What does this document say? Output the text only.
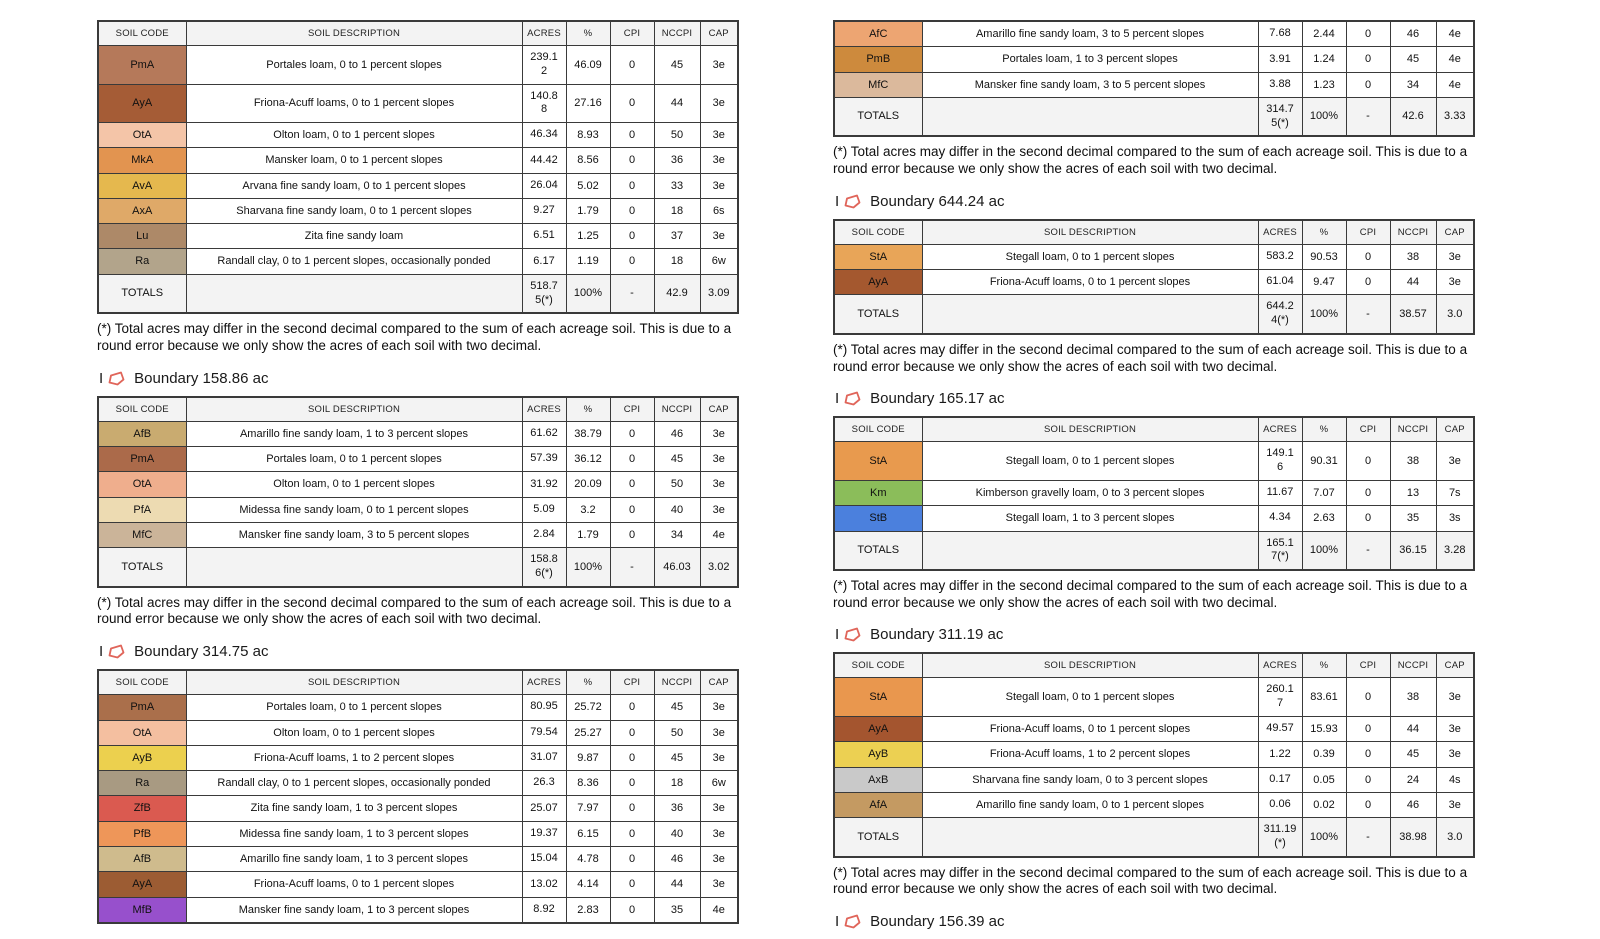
SOIL CODE	SOIL DESCRIPTION	ACRES	%	CPI	NCCPI	CAP
PmA	Portales loam, 0 to 1 percent slopes	239.12	46.09	0	45	3e
AyA	Friona-Acuff loams, 0 to 1 percent slopes	140.88	27.16	0	44	3e
OtA	Olton loam, 0 to 1 percent slopes	46.34	8.93	0	50	3e
MkA	Mansker loam, 0 to 1 percent slopes	44.42	8.56	0	36	3e
AvA	Arvana fine sandy loam, 0 to 1 percent slopes	26.04	5.02	0	33	3e
AxA	Sharvana fine sandy loam, 0 to 1 percent slopes	9.27	1.79	0	18	6s
Lu	Zita fine sandy loam	6.51	1.25	0	37	3e
Ra	Randall clay, 0 to 1 percent slopes, occasionally ponded	6.17	1.19	0	18	6w
TOTALS		518.75(*)	100%	-	42.9	3.09
(*) Total acres may differ in the second decimal compared to the sum of each acreage soil. This is due to a round error because we only show the acres of each soil with two decimal.
I Boundary 158.86 ac
SOIL CODE	SOIL DESCRIPTION	ACRES	%	CPI	NCCPI	CAP
AfB	Amarillo fine sandy loam, 1 to 3 percent slopes	61.62	38.79	0	46	3e
PmA	Portales loam, 0 to 1 percent slopes	57.39	36.12	0	45	3e
OtA	Olton loam, 0 to 1 percent slopes	31.92	20.09	0	50	3e
PfA	Midessa fine sandy loam, 0 to 1 percent slopes	5.09	3.2	0	40	3e
MfC	Mansker fine sandy loam, 3 to 5 percent slopes	2.84	1.79	0	34	4e
TOTALS		158.86(*)	100%	-	46.03	3.02
(*) Total acres may differ in the second decimal compared to the sum of each acreage soil. This is due to a round error because we only show the acres of each soil with two decimal.
I Boundary 314.75 ac
SOIL CODE	SOIL DESCRIPTION	ACRES	%	CPI	NCCPI	CAP
PmA	Portales loam, 0 to 1 percent slopes	80.95	25.72	0	45	3e
OtA	Olton loam, 0 to 1 percent slopes	79.54	25.27	0	50	3e
AyB	Friona-Acuff loams, 1 to 2 percent slopes	31.07	9.87	0	45	3e
Ra	Randall clay, 0 to 1 percent slopes, occasionally ponded	26.3	8.36	0	18	6w
ZfB	Zita fine sandy loam, 1 to 3 percent slopes	25.07	7.97	0	36	3e
PfB	Midessa fine sandy loam, 1 to 3 percent slopes	19.37	6.15	0	40	3e
AfB	Amarillo fine sandy loam, 1 to 3 percent slopes	15.04	4.78	0	46	3e
AyA	Friona-Acuff loams, 0 to 1 percent slopes	13.02	4.14	0	44	3e
MfB	Mansker fine sandy loam, 1 to 3 percent slopes	8.92	2.83	0	35	4e
AfC	Amarillo fine sandy loam, 3 to 5 percent slopes	7.68	2.44	0	46	4e
PmB	Portales loam, 1 to 3 percent slopes	3.91	1.24	0	45	4e
MfC	Mansker fine sandy loam, 3 to 5 percent slopes	3.88	1.23	0	34	4e
TOTALS		314.75(*)	100%	-	42.6	3.33
(*) Total acres may differ in the second decimal compared to the sum of each acreage soil. This is due to a round error because we only show the acres of each soil with two decimal.
I Boundary 644.24 ac
SOIL CODE	SOIL DESCRIPTION	ACRES	%	CPI	NCCPI	CAP
StA	Stegall loam, 0 to 1 percent slopes	583.2	90.53	0	38	3e
AyA	Friona-Acuff loams, 0 to 1 percent slopes	61.04	9.47	0	44	3e
TOTALS		644.24(*)	100%	-	38.57	3.0
(*) Total acres may differ in the second decimal compared to the sum of each acreage soil. This is due to a round error because we only show the acres of each soil with two decimal.
I Boundary 165.17 ac
SOIL CODE	SOIL DESCRIPTION	ACRES	%	CPI	NCCPI	CAP
StA	Stegall loam, 0 to 1 percent slopes	149.16	90.31	0	38	3e
Km	Kimberson gravelly loam, 0 to 3 percent slopes	11.67	7.07	0	13	7s
StB	Stegall loam, 1 to 3 percent slopes	4.34	2.63	0	35	3s
TOTALS		165.17(*)	100%	-	36.15	3.28
(*) Total acres may differ in the second decimal compared to the sum of each acreage soil. This is due to a round error because we only show the acres of each soil with two decimal.
I Boundary 311.19 ac
SOIL CODE	SOIL DESCRIPTION	ACRES	%	CPI	NCCPI	CAP
StA	Stegall loam, 0 to 1 percent slopes	260.17	83.61	0	38	3e
AyA	Friona-Acuff loams, 0 to 1 percent slopes	49.57	15.93	0	44	3e
AyB	Friona-Acuff loams, 1 to 2 percent slopes	1.22	0.39	0	45	3e
AxB	Sharvana fine sandy loam, 0 to 3 percent slopes	0.17	0.05	0	24	4s
AfA	Amarillo fine sandy loam, 0 to 1 percent slopes	0.06	0.02	0	46	3e
TOTALS		311.19(*)	100%	-	38.98	3.0
(*) Total acres may differ in the second decimal compared to the sum of each acreage soil. This is due to a round error because we only show the acres of each soil with two decimal.
I Boundary 156.39 ac
